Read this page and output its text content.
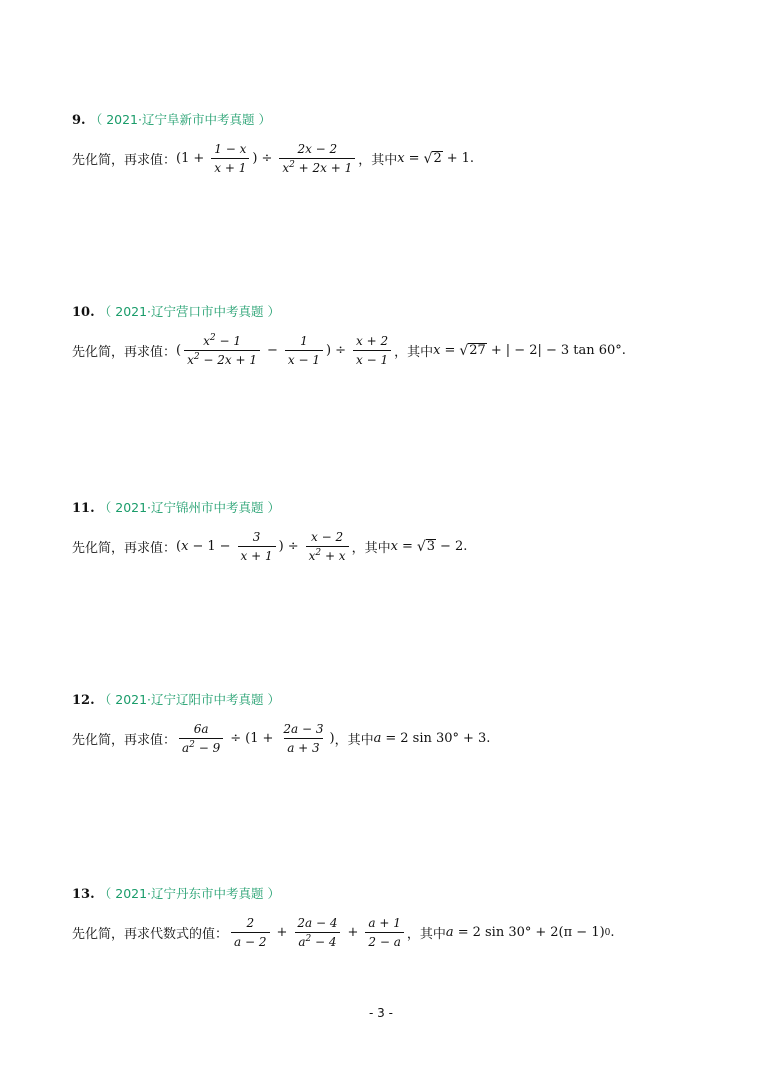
9. （ 2021·辽宁阜新市中考真题 ）
先化简，再求值： ($1 + \frac{1 - x}{x + 1}$ ) ÷ $\frac{2x - 2}{x^2 + 2x + 1}$ ，其中 x = √ 2 + 1.
10. （ 2021·辽宁营口市中考真题 ）
先化简，再求值： ( $\frac{x^2 - 1}{x^2 - 2x + 1} - \frac{1}{x - 1}$ ) ÷ $\frac{x + 2}{x - 1}$ ，其中 x = √ 27 + | − 2| − 3 tan 60°.
11. （ 2021·辽宁锦州市中考真题 ）
先化简，再求值： ( $x - 1 - \frac{3}{x + 1}$ ) ÷ $\frac{x - 2}{x^2 + x}$ ，其中 x = √ 3 − 2.
12. （ 2021·辽宁辽阳市中考真题 ）
先化简，再求值： $\frac{6a}{a^2 - 9} \div (1 + \frac{2a - 3}{a + 3}$ ) ，其中 a = 2 sin 30° + 3.
13. （ 2021·辽宁丹东市中考真题 ）
先化简，再求代数式的值： $\frac{2}{a - 2} + \frac{2a - 4}{a^2 - 4} + \frac{a + 1}{2 - a}$ ，其中 a = 2 sin 30° + 2(π − 1) 0 .
- 3 -
